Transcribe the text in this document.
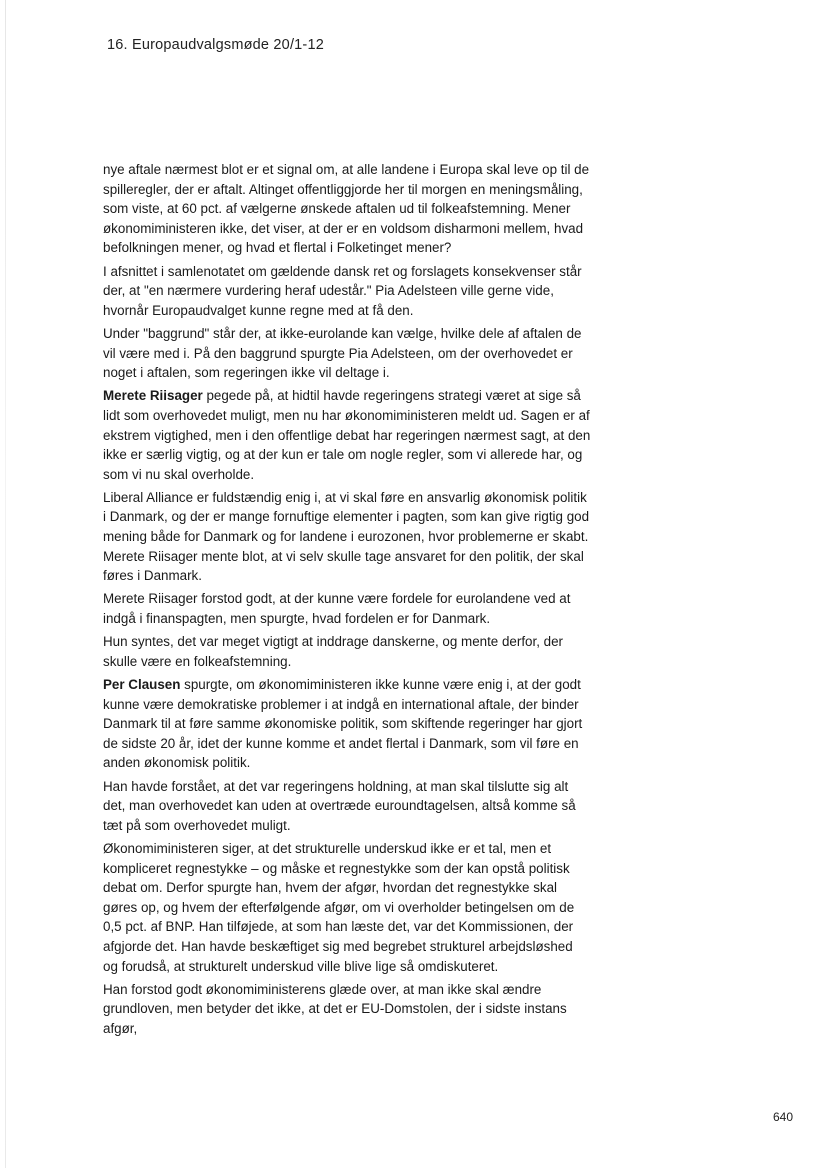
16. Europaudvalgsmøde 20/1-12

nye aftale nærmest blot er et signal om, at alle landene i Europa skal leve op til de spilleregler, der er aftalt. Altinget offentliggjorde her til morgen en meningsmåling, som viste, at 60 pct. af vælgerne ønskede aftalen ud til folkeafstemning. Mener økonomiministeren ikke, det viser, at der er en voldsom disharmoni mellem, hvad befolkningen mener, og hvad et flertal i Folketinget mener?

I afsnittet i samlenotatet om gældende dansk ret og forslagets konsekvenser står der, at "en nærmere vurdering heraf udestår." Pia Adelsteen ville gerne vide, hvornår Europaudvalget kunne regne med at få den.

Under "baggrund" står der, at ikke-eurolande kan vælge, hvilke dele af aftalen de vil være med i. På den baggrund spurgte Pia Adelsteen, om der overhovedet er noget i aftalen, som regeringen ikke vil deltage i.

Merete Riisager pegede på, at hidtil havde regeringens strategi været at sige så lidt som overhovedet muligt, men nu har økonomiministeren meldt ud. Sagen er af ekstrem vigtighed, men i den offentlige debat har regeringen nærmest sagt, at den ikke er særlig vigtig, og at der kun er tale om nogle regler, som vi allerede har, og som vi nu skal overholde.

Liberal Alliance er fuldstændig enig i, at vi skal føre en ansvarlig økonomisk politik i Danmark, og der er mange fornuftige elementer i pagten, som kan give rigtig god mening både for Danmark og for landene i eurozonen, hvor problemerne er skabt. Merete Riisager mente blot, at vi selv skulle tage ansvaret for den politik, der skal føres i Danmark.

Merete Riisager forstod godt, at der kunne være fordele for eurolandene ved at indgå i finanspagten, men spurgte, hvad fordelen er for Danmark.

Hun syntes, det var meget vigtigt at inddrage danskerne, og mente derfor, der skulle være en folkeafstemning.

Per Clausen spurgte, om økonomiministeren ikke kunne være enig i, at der godt kunne være demokratiske problemer i at indgå en international aftale, der binder Danmark til at føre samme økonomiske politik, som skiftende regeringer har gjort de sidste 20 år, idet der kunne komme et andet flertal i Danmark, som vil føre en anden økonomisk politik.

Han havde forstået, at det var regeringens holdning, at man skal tilslutte sig alt det, man overhovedet kan uden at overtræde euroundtagelsen, altså komme så tæt på som overhovedet muligt.

Økonomiministeren siger, at det strukturelle underskud ikke er et tal, men et kompliceret regnestykke – og måske et regnestykke som der kan opstå politisk debat om. Derfor spurgte han, hvem der afgør, hvordan det regnestykke skal gøres op, og hvem der efterfølgende afgør, om vi overholder betingelsen om de 0,5 pct. af BNP. Han tilføjede, at som han læste det, var det Kommissionen, der afgjorde det. Han havde beskæftiget sig med begrebet strukturel arbejdsløshed og forudså, at strukturelt underskud ville blive lige så omdiskuteret.

Han forstod godt økonomiministerens glæde over, at man ikke skal ændre grundloven, men betyder det ikke, at det er EU-Domstolen, der i sidste instans afgør,

640
